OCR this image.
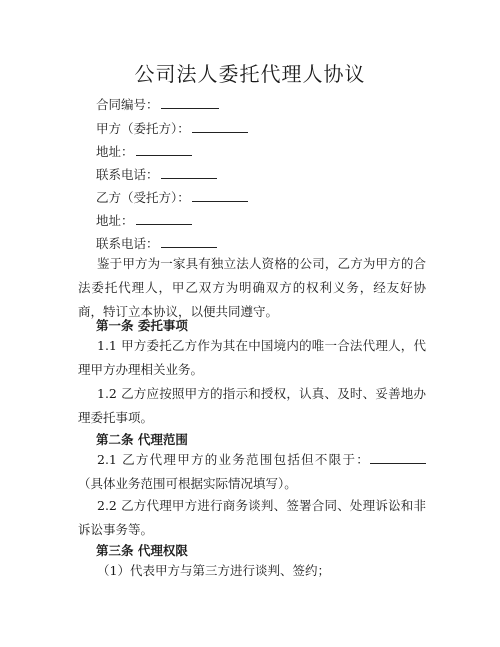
公司法人委托代理人协议
合同编号：
甲方（委托方）：
地址：
联系电话：
乙方（受托方）：
地址：
联系电话：

鉴于甲方为一家具有独立法人资格的公司，乙方为甲方的合法委托代理人，甲乙双方为明确双方的权利义务，经友好协商，特订立本协议，以便共同遵守。

第一条 委托事项

1.1 甲方委托乙方作为其在中国境内的唯一合法代理人，代理甲方办理相关业务。

1.2 乙方应按照甲方的指示和授权，认真、及时、妥善地办理委托事项。

第二条 代理范围

2.1 乙方代理甲方的业务范围包括但不限于：（具体业务范围可根据实际情况填写）。

2.2 乙方代理甲方进行商务谈判、签署合同、处理诉讼和非诉讼事务等。

第三条 代理权限

（1）代表甲方与第三方进行谈判、签约；
